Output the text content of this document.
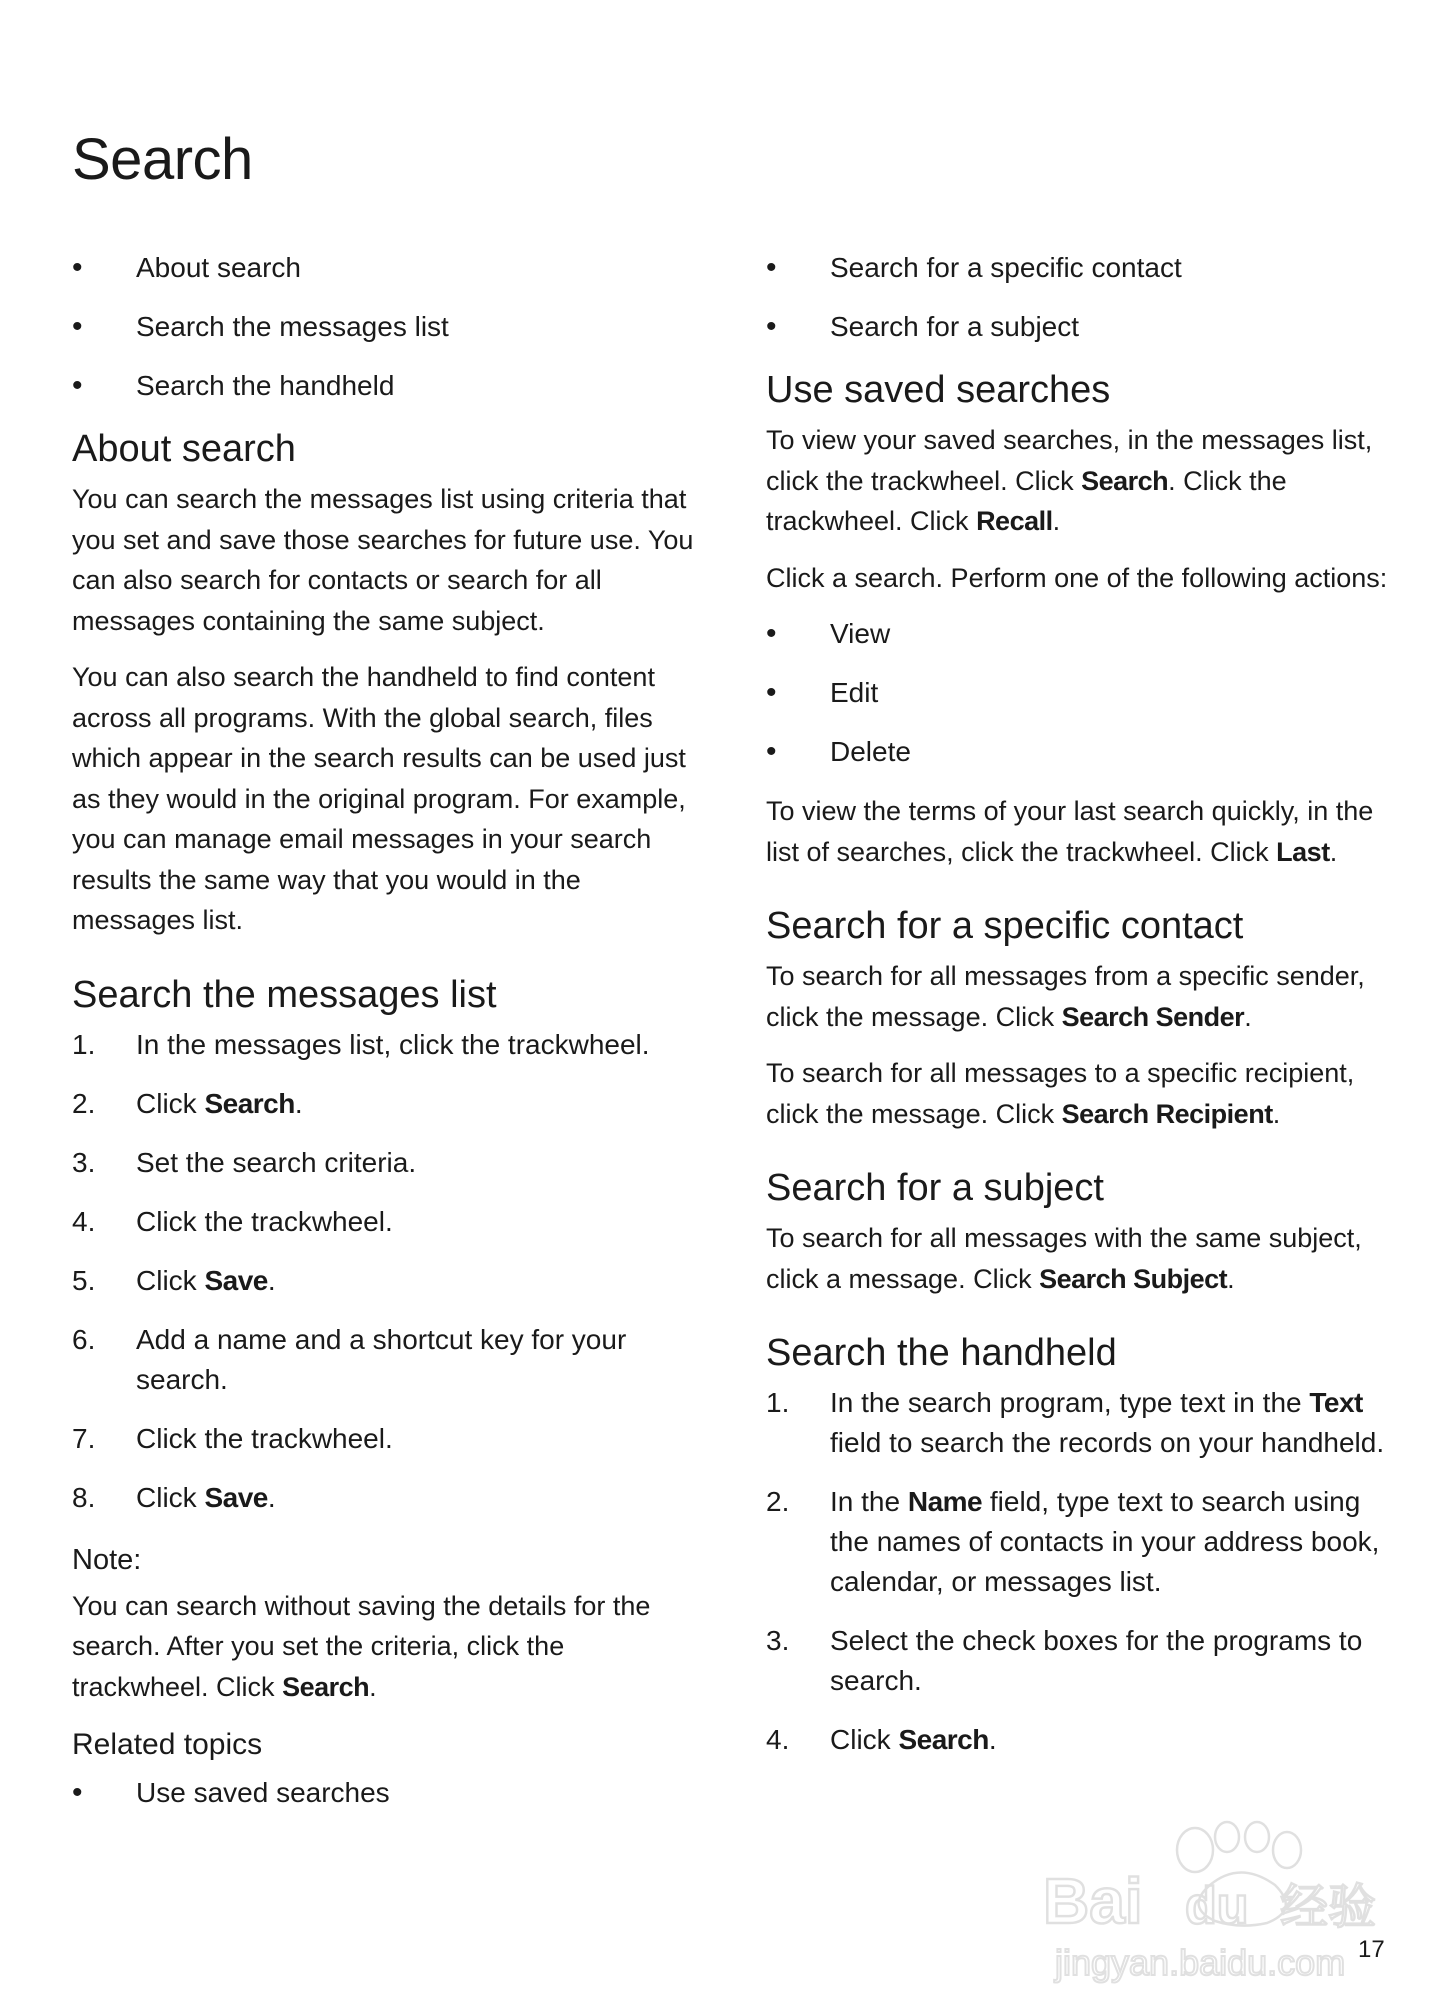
Search
• About search
• Search the messages list
• Search the handheld
About search

You can search the messages list using criteria that you set and save those searches for future use. You can also search for contacts or search for all messages containing the same subject.

You can also search the handheld to find content across all programs. With the global search, files which appear in the search results can be used just as they would in the original program. For example, you can manage email messages in your search results the same way that you would in the messages list.

Search the messages list
1. In the messages list, click the trackwheel.
2. Click Search.
3. Set the search criteria.
4. Click the trackwheel.
5. Click Save.
6. Add a name and a shortcut key for your search.
7. Click the trackwheel.
8. Click Save.
Note:

You can search without saving the details for the search. After you set the criteria, click the trackwheel. Click Search.

Related topics
• Use saved searches
• Search for a specific contact
• Search for a subject
Use saved searches

To view your saved searches, in the messages list, click the trackwheel. Click Search. Click the trackwheel. Click Recall.

Click a search. Perform one of the following actions:

• View
• Edit
• Delete

To view the terms of your last search quickly, in the list of searches, click the trackwheel. Click Last.

Search for a specific contact

To search for all messages from a specific sender, click the message. Click Search Sender.

To search for all messages to a specific recipient, click the message. Click Search Recipient.

Search for a subject

To search for all messages with the same subject, click a message. Click Search Subject.

Search the handheld
1. In the search program, type text in the Text field to search the records on your handheld.
2. In the Name field, type text to search using the names of contacts in your address book, calendar, or messages list.
3. Select the check boxes for the programs to search.
4. Click Search.
17
Bai du 经验
jingyan.baidu.com
